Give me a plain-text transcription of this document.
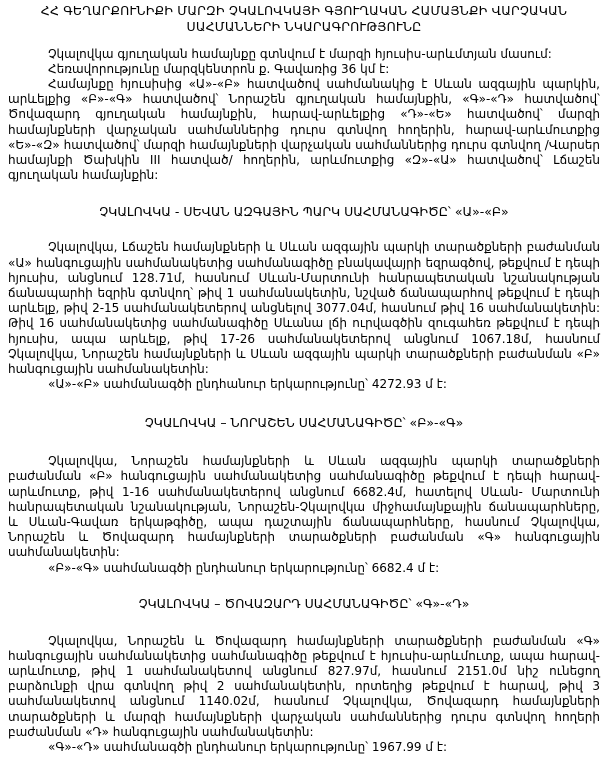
ՀՀ ԳԵՂԱՐՔՈՒՆԻՔԻ ՄԱՐԶԻ ՉԿԱԼՈՎԿԱՅԻ ԳՅՈՒՂԱԿԱՆ ՀԱՄԱՅՆՔԻ ՎԱՐՉԱԿԱՆ
ՍԱՀՄԱՆՆԵՐԻ ՆԿԱՐԱԳՐՈՒԹՅՈՒՆԸ
Չկալովկա գյուղական համայնքը գտնվում է մարզի հյուսիս-արևմտյան մասում:
Հեռավորությունը մարզկենտրոն ք. Գավառից 36 կմ է:

Համայնքը հյուսիսից «Ա»-«Բ» հատվածով սահմանակից է Սևան ազգային պարկին, արևելքից «Բ»-«Գ» հատվածով՝ Նորաշեն գյուղական համայնքին, «Գ»-«Դ» հատվածով՝ Ծովազարդ գյուղական համայնքին, հարավ-արևելքից «Դ»-«Ե» հատվածով՝ մարզի համայնքների վարչական սահմաններից դուրս գտնվող հողերին, հարավ-արևմուտքից «Ե»-«Զ» հատվածով՝ մարզի համայնքների վարչական սահմաններից դուրս գտնվող /Վարսեր համայնքի Ծախկին III հատված/ հողերին, արևմուտքից «Զ»-«Ա» հատվածով՝ Լճաշեն գյուղական համայնքին:

ՉԿԱԼՈՎԿԱ - ՍԵՎԱՆ ԱԶԳԱՅԻՆ ՊԱՐԿ ՍԱՀՄԱՆԱԳԻԾԸ՝ «Ա»-«Բ»

Չկալովկա, Լճաշեն համայնքների և Սևան ազգային պարկի տարածքների բաժանման «Ա» հանգուցային սահմանակետից սահմանագիծը բնակավայրի եզրագծով, թեքվում է դեպի հյուսիս, անցնում 128.71մ, հասնում Սևան-Մարտունի հանրապետական նշանակության ճանապարհի եզրին գտնվող՝ թիվ 1 սահմանակետին, նշված ճանապարհով թեքվում է դեպի արևելք, թիվ 2-15 սահմանակետերով անցնելով 3077.04մ, հասնում թիվ 16 սահմանակետին: Թիվ 16 սահմանակետից սահմանագիծը Սևանա լճի ուրվագծին զուգահեռ թեքվում է դեպի հյուսիս, ապա արևելք, թիվ 17-26 սահմանակետերով անցնում 1067.18մ, հասնում Չկալովկա, Նորաշեն համայնքների և Սևան ազգային պարկի տարածքների բաժանման «Բ» հանգուցային սահմանակետին:

«Ա»-«Բ» սահմանագծի ընդհանուր երկարությունը՝ 4272.93 մ է:
ՉԿԱԼՈՎԿԱ – ՆՈՐԱՇԵՆ ՍԱՀՄԱՆԱԳԻԾԸ՝ «Բ»-«Գ»

Չկալովկա, Նորաշեն համայնքների և Սևան ազգային պարկի տարածքների բաժանման «Բ» հանգուցային սահմանակետից սահմանագիծը թեքվում է դեպի հարավ-արևմուտք, թիվ 1-16 սահմանակետերով անցնում 6682.4մ, հատելով Սևան- Մարտունի հանրապետական նշանակության, Նորաշեն-Չկալովկա միջհամայնքային ճանապարհները, և Սևան-Գավառ երկաթգիծը, ապա դաշտային ճանապարհները, հասնում Չկալովկա, Նորաշեն և Ծովազարդ համայնքների տարածքների բաժանման «Գ» հանգուցային սահմանակետին:

«Բ»-«Գ» սահմանագծի ընդհանուր երկարությունը՝ 6682.4 մ է:
ՉԿԱԼՈՎԿԱ – ԾՈՎԱԶԱՐԴ ՍԱՀՄԱՆԱԳԻԾԸ՝ «Գ»-«Դ»

Չկալովկա, Նորաշեն և Ծովազարդ համայնքների տարածքների բաժանման «Գ» հանգուցային սահմանակետից սահմանագիծը թեքվում է հյուսիս-արևմուտք, ապա հարավ-արևմուտք, թիվ 1 սահմանակետով անցնում 827.97մ, հասնում 2151.0մ նիշ ունեցող բարձունքի վրա գտնվող թիվ 2 սահմանակետին, որտեղից թեքվում է հարավ, թիվ 3 սահմանակետով անցնում 1140.02մ, հասնում Չկալովկա, Ծովազարդ համայնքների տարածքների և մարզի համայնքների վարչական սահմաններից դուրս գտնվող հողերի բաժանման «Դ» հանգուցային սահմանակետին:

«Գ»-«Դ» սահմանագծի ընդհանուր երկարությունը՝ 1967.99 մ է:
